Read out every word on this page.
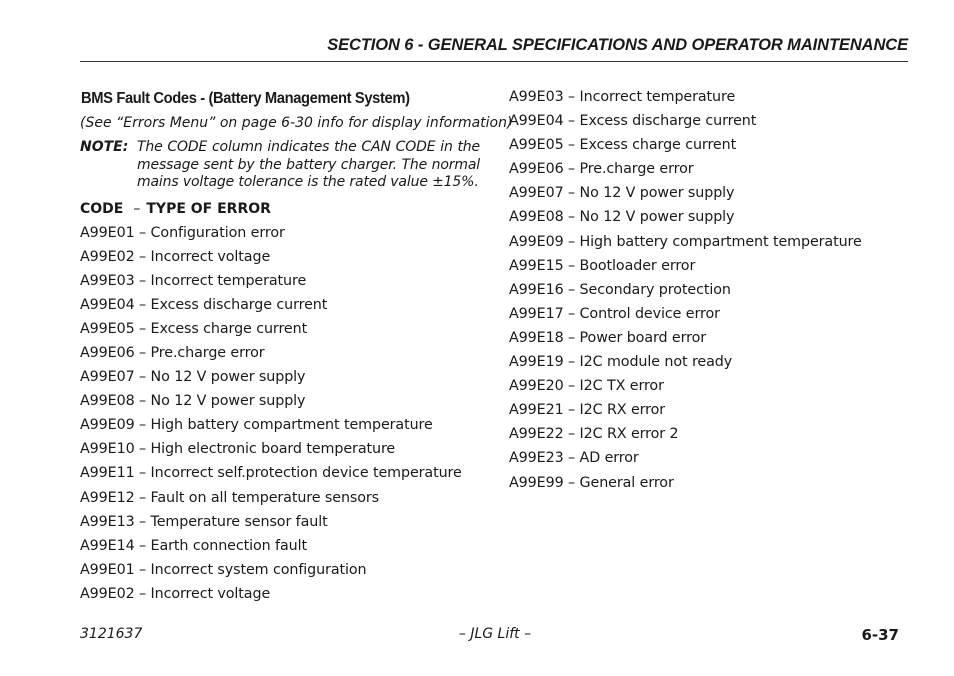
SECTION 6 - GENERAL SPECIFICATIONS AND OPERATOR MAINTENANCE
BMS Fault Codes - (Battery Management System)
(See “Errors Menu” on page 6-30 info for display information)
NOTE: The CODE column indicates the CAN CODE in the message sent by the battery charger. The normal mains voltage tolerance is the rated value ±15%.
CODE – TYPE OF ERROR
A99E01 – Configuration error
A99E02 – Incorrect voltage
A99E03 – Incorrect temperature
A99E04 – Excess discharge current
A99E05 – Excess charge current
A99E06 – Pre.charge error
A99E07 – No 12 V power supply
A99E08 – No 12 V power supply
A99E09 – High battery compartment temperature
A99E10 – High electronic board temperature
A99E11 – Incorrect self.protection device temperature
A99E12 – Fault on all temperature sensors
A99E13 – Temperature sensor fault
A99E14 – Earth connection fault
A99E01 – Incorrect system configuration
A99E02 – Incorrect voltage
A99E03 – Incorrect temperature
A99E04 – Excess discharge current
A99E05 – Excess charge current
A99E06 – Pre.charge error
A99E07 – No 12 V power supply
A99E08 – No 12 V power supply
A99E09 – High battery compartment temperature
A99E15 – Bootloader error
A99E16 – Secondary protection
A99E17 – Control device error
A99E18 – Power board error
A99E19 – I2C module not ready
A99E20 – I2C TX error
A99E21 – I2C RX error
A99E22 – I2C RX error 2
A99E23 – AD error
A99E99 – General error
3121637	– JLG Lift –	6-37
